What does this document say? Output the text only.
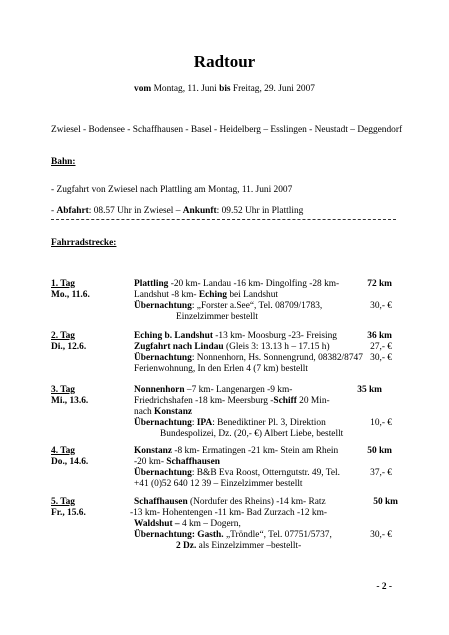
Radtour
vom Montag, 11. Juni bis Freitag, 29. Juni 2007
Zwiesel - Bodensee - Schaffhausen - Basel - Heidelberg – Esslingen - Neustadt – Deggendorf
Bahn:
- Zugfahrt von Zwiesel nach Plattling am Montag, 11. Juni 2007
- Abfahrt: 08.57 Uhr in Zwiesel – Ankunft: 09.52 Uhr in Plattling
Fahrradstrecke:
1. Tag
Mo., 11.6.
Plattling -20 km- Landau -16 km- Dingolfing -28 km-	72 km
Landshut -8 km- Eching bei Landshut
Übernachtung: „Forster a.See“, Tel. 08709/1783,	30,- €
Einzelzimmer bestellt
2. Tag
Di., 12.6.
Eching b. Landshut -13 km- Moosburg -23- Freising	36 km
Zugfahrt nach Lindau (Gleis 3: 13.13 h – 17.15 h)	27,- €
Übernachtung: Nonnenhorn, Hs. Sonnengrund, 08382/8747 30,- €
Ferienwohnung, In den Erlen 4 (7 km) bestellt
3. Tag
Mi., 13.6.
Nonnenhorn –7 km- Langenargen -9 km-	35 km
Friedrichshafen -18 km- Meersburg -Schiff 20 Min-
nach Konstanz
Übernachtung: IPA: Benediktiner Pl. 3, Direktion	10,- €
Bundespolizei, Dz. (20,- €) Albert Liebe, bestellt
4. Tag
Do., 14.6.
Konstanz -8 km- Ermatingen -21 km- Stein am Rhein	50 km
-20 km- Schaffhausen
Übernachtung: B&B Eva Roost, Otterngutstr. 49, Tel.	37,- €
+41 (0)52 640 12 39 – Einzelzimmer bestellt
5. Tag
Fr., 15.6.
Schaffhausen (Nordufer des Rheins) -14 km- Ratz	50 km
-13 km- Hohentengen -11 km- Bad Zurzach -12 km-
Waldshut – 4 km – Dogern,
Übernachtung: Gasth. „Tröndle“, Tel. 07751/5737,	30,- €
2 Dz. als Einzelzimmer –bestellt-
- 2 -
